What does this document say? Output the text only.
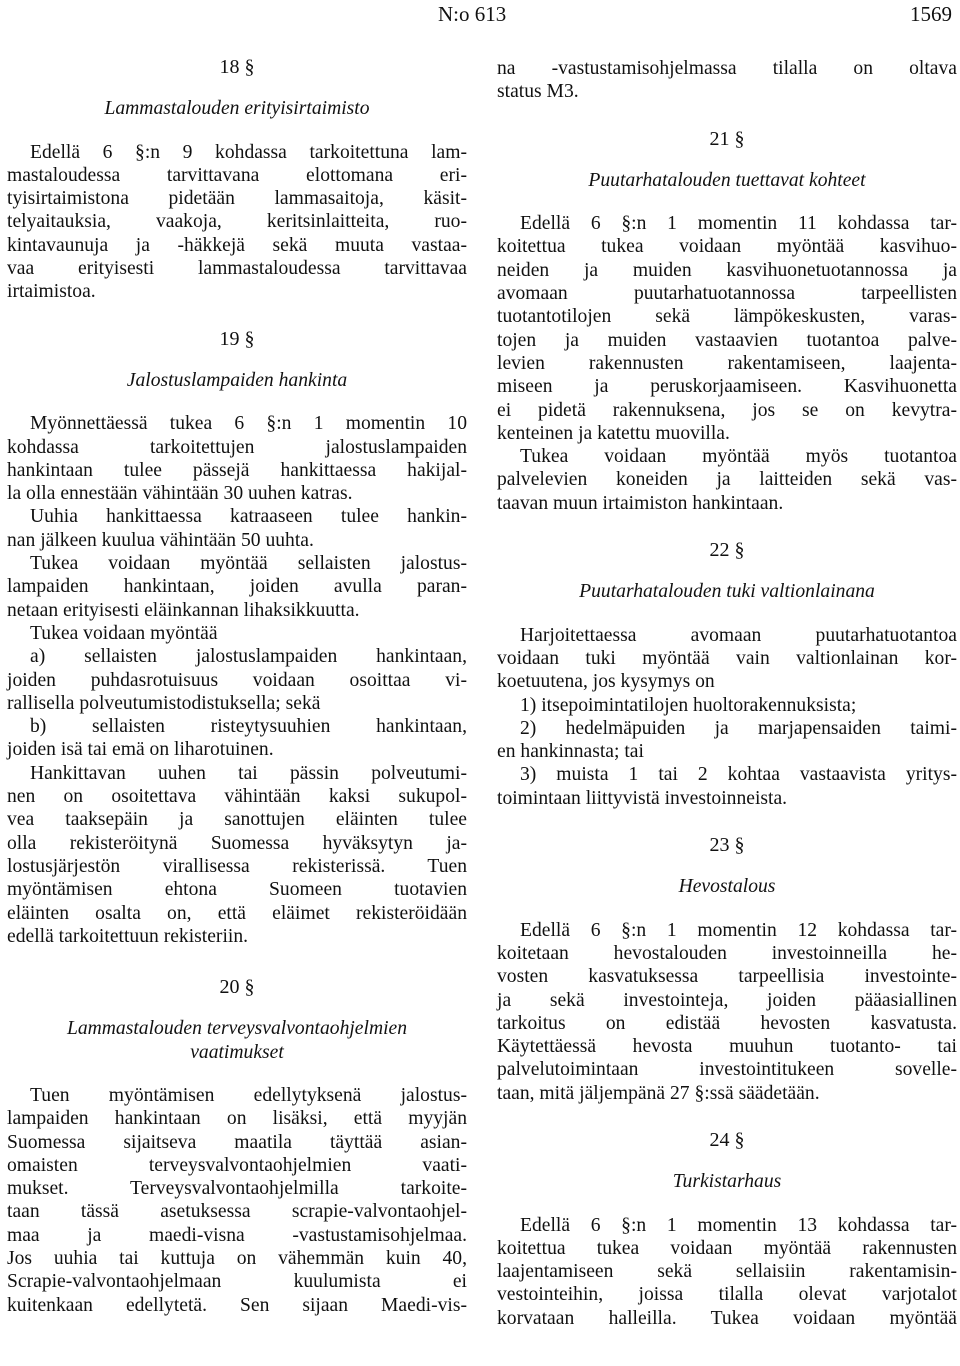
N:o 613	1569
18 §
Lammastalouden erityisirtaimisto
Edellä 6 §:n 9 kohdassa tarkoitettuna lam-
mastaloudessa tarvittavana elottomana eri-
tyisirtaimistona pidetään lammasaitoja, käsit-
telyaitauksia, vaakoja, keritsinlaitteita, ruo-
kintavaunuja ja -häkkejä sekä muuta vastaa-
vaa erityisesti lammastaloudessa tarvittavaa
irtaimistoa.
19 §
Jalostuslampaiden hankinta
Myönnettäessä tukea 6 §:n 1 momentin 10
kohdassa tarkoitettujen jalostuslampaiden
hankintaan tulee pässejä hankittaessa hakijal-
la olla ennestään vähintään 30 uuhen katras.
Uuhia hankittaessa katraaseen tulee hankin-
nan jälkeen kuulua vähintään 50 uuhta.
Tukea voidaan myöntää sellaisten jalostus-
lampaiden hankintaan, joiden avulla paran-
netaan erityisesti eläinkannan lihaksikkuutta.
Tukea voidaan myöntää
a) sellaisten jalostuslampaiden hankintaan,
joiden puhdasrotuisuus voidaan osoittaa vi-
rallisella polveutumistodistuksella; sekä
b) sellaisten risteytysuuhien hankintaan,
joiden isä tai emä on liharotuinen.
Hankittavan uuhen tai pässin polveutumi-
nen on osoitettava vähintään kaksi sukupol-
vea taaksepäin ja sanottujen eläinten tulee
olla rekisteröitynä Suomessa hyväksytyn ja-
lostusjärjestön virallisessa rekisterissä. Tuen
myöntämisen ehtona Suomeen tuotavien
eläinten osalta on, että eläimet rekisteröidään
edellä tarkoitettuun rekisteriin.
20 §
Lammastalouden terveysvalvontaohjelmien
vaatimukset
Tuen myöntämisen edellytyksenä jalostus-
lampaiden hankintaan on lisäksi, että myyjän
Suomessa sijaitseva maatila täyttää asian-
omaisten terveysvalvontaohjelmien vaati-
mukset. Terveysvalvontaohjelmilla tarkoite-
taan tässä asetuksessa scrapie-valvontaohjel-
maa ja maedi-visna -vastustamisohjelmaa.
Jos uuhia tai kuttuja on vähemmän kuin 40,
Scrapie-valvontaohjelmaan kuulumista ei
kuitenkaan edellytetä. Sen sijaan Maedi-vis-
na -vastustamisohjelmassa tilalla on oltava
status M3.
21 §
Puutarhatalouden tuettavat kohteet
Edellä 6 §:n 1 momentin 11 kohdassa tar-
koitettua tukea voidaan myöntää kasvihuo-
neiden ja muiden kasvihuonetuotannossa ja
avomaan puutarhatuotannossa tarpeellisten
tuotantotilojen sekä lämpökeskusten, varas-
tojen ja muiden vastaavien tuotantoa palve-
levien rakennusten rakentamiseen, laajenta-
miseen ja peruskorjaamiseen. Kasvihuonetta
ei pidetä rakennuksena, jos se on kevytra-
kenteinen ja katettu muovilla.
Tukea voidaan myöntää myös tuotantoa
palvelevien koneiden ja laitteiden sekä vas-
taavan muun irtaimiston hankintaan.
22 §
Puutarhatalouden tuki valtionlainana
Harjoitettaessa avomaan puutarhatuotantoa
voidaan tuki myöntää vain valtionlainan kor-
koetuutena, jos kysymys on
1) itsepoimintatilojen huoltorakennuksista;
2) hedelmäpuiden ja marjapensaiden taimi-
en hankinnasta; tai
3) muista 1 tai 2 kohtaa vastaavista yritys-
toimintaan liittyvistä investoinneista.
23 §
Hevostalous
Edellä 6 §:n 1 momentin 12 kohdassa tar-
koitetaan hevostalouden investoinneilla he-
vosten kasvatuksessa tarpeellisia investointe-
ja sekä investointeja, joiden pääasiallinen
tarkoitus on edistää hevosten kasvatusta.
Käytettäessä hevosta muuhun tuotanto- tai
palvelutoimintaan investointitukeen sovelle-
taan, mitä jäljempänä 27 §:ssä säädetään.
24 §
Turkistarhaus
Edellä 6 §:n 1 momentin 13 kohdassa tar-
koitettua tukea voidaan myöntää rakennusten
laajentamiseen sekä sellaisiin rakentamisin-
vestointeihin, joissa tilalla olevat varjotalot
korvataan halleilla. Tukea voidaan myöntää
